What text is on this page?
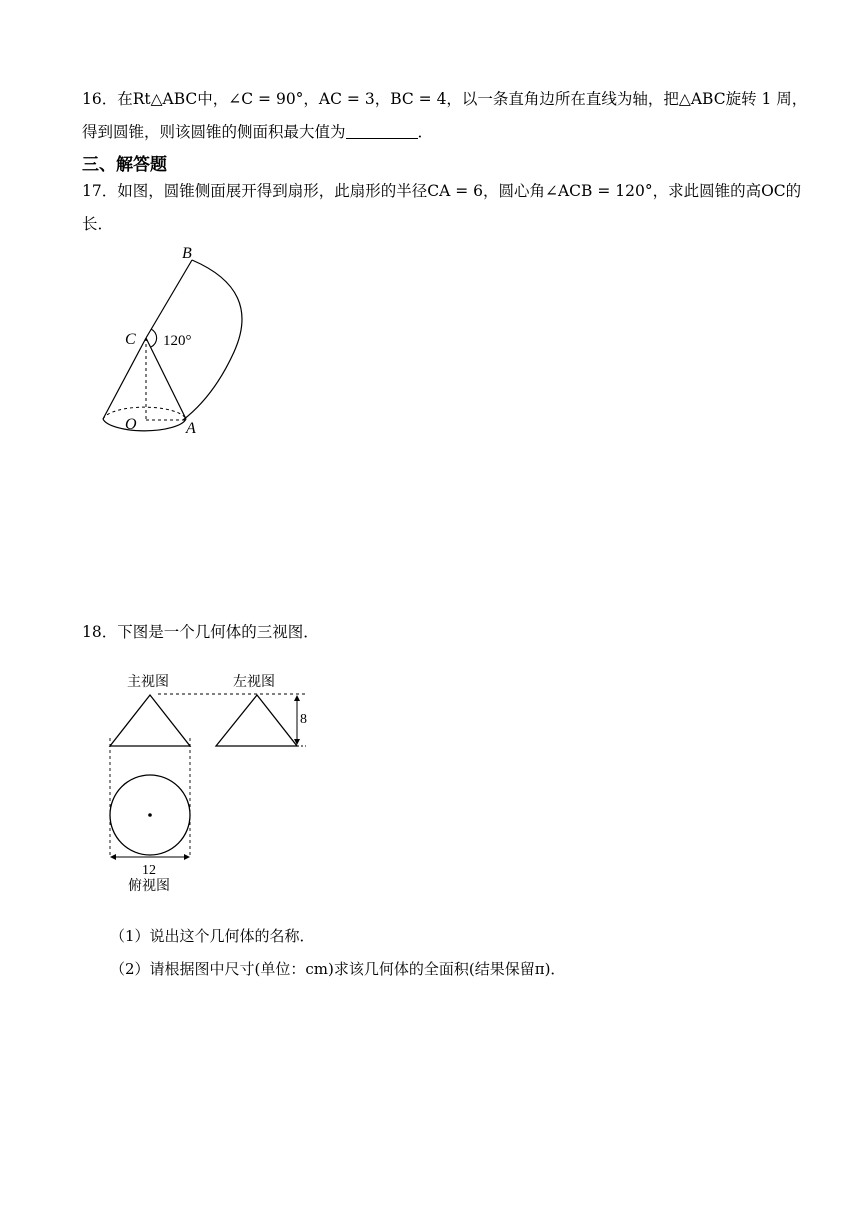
16．在Rt△ABC中，∠C = 90°，AC = 3，BC = 4，以一条直角边所在直线为轴，把△ABC旋转 1 周，
得到圆锥，则该圆锥的侧面积最大值为	．
三、解答题
17．如图，圆锥侧面展开得到扇形，此扇形的半径CA = 6，圆心角∠ACB = 120°，求此圆锥的高OC的
长．
B
C
O	A
120°
18．下图是一个几何体的三视图．
主视图	左视图
俯视图
8
12
（1）说出这个几何体的名称．
（2）请根据图中尺寸(单位：cm)求该几何体的全面积(结果保留π)．
